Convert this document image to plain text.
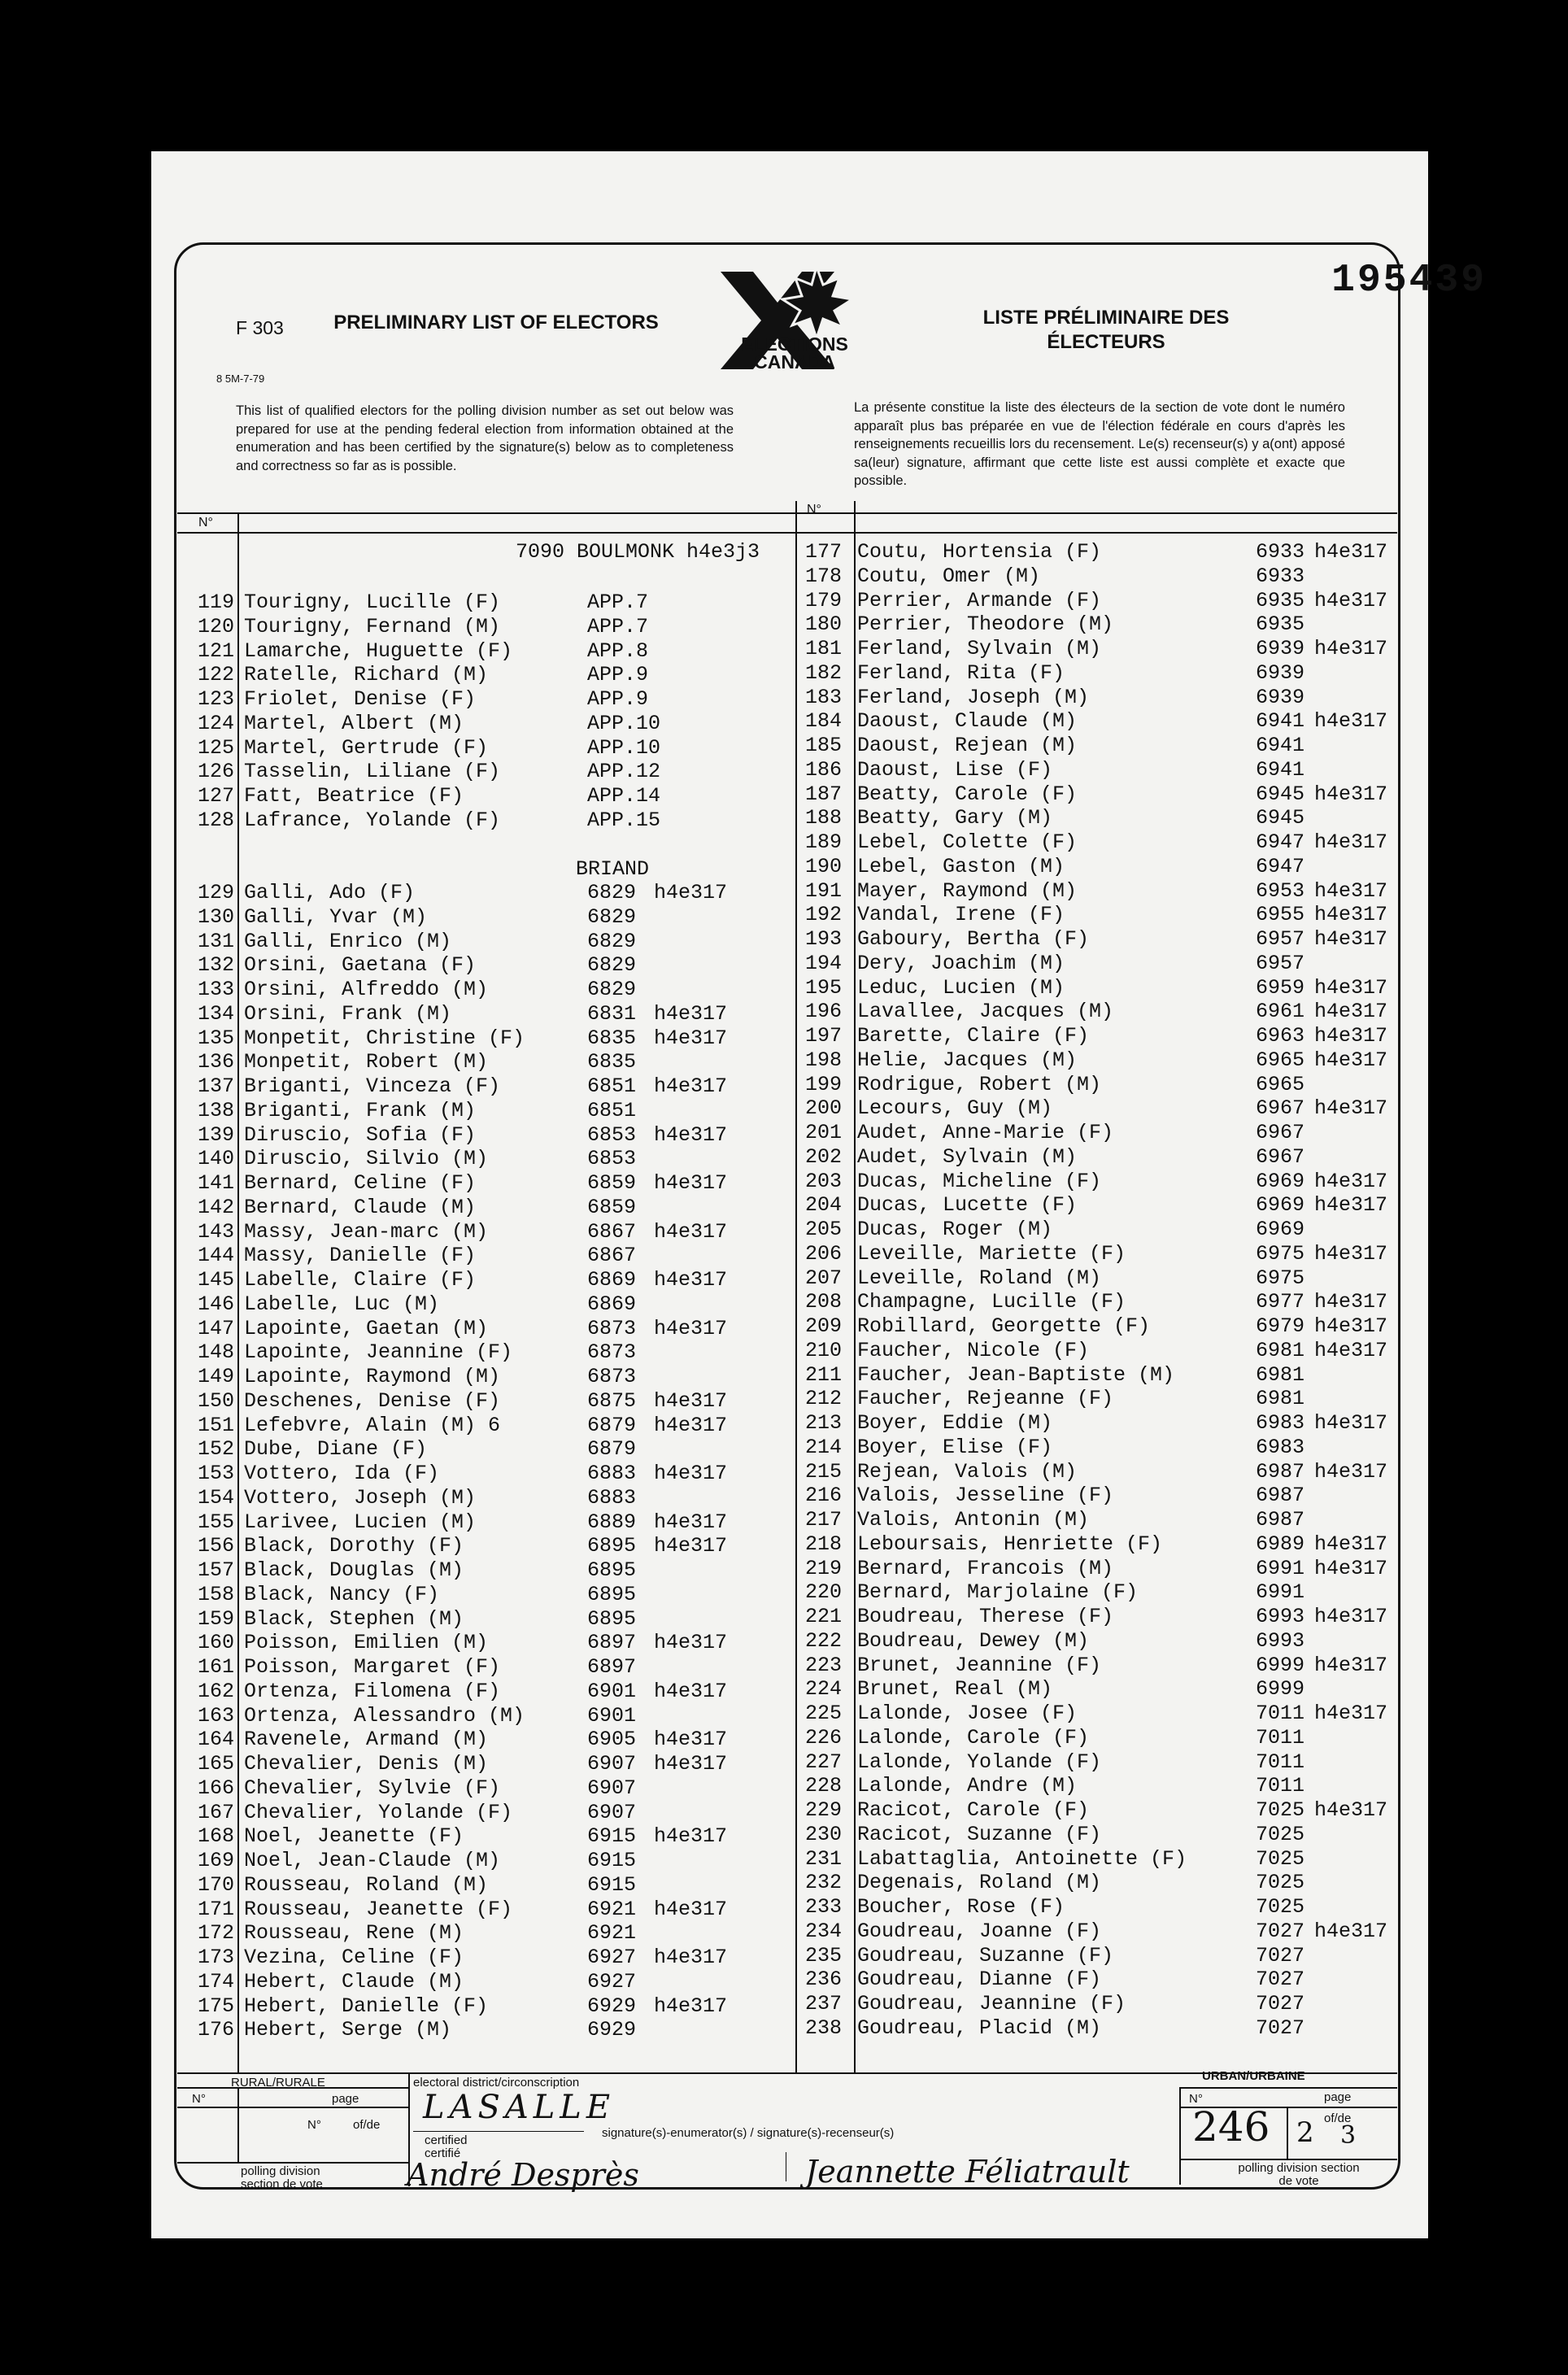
195439
F 303
8 5M-7-79
PRELIMINARY LIST OF ELECTORS	LISTE PRÉLIMINAIRE DES ÉLECTEURS
ELECTIONS CANADA
This list of qualified electors for the polling division number as set out below was prepared for use at the pending federal election from information obtained at the enumeration and has been certified by the signature(s) below as to completeness and correctness so far as is possible.
La présente constitue la liste des électeurs de la section de vote dont le numéro apparaît plus bas préparée en vue de l'élection fédérale en cours d'après les renseignements recueillis lors du recensement. Le(s) recenseur(s) y a(ont) apposé sa(leur) signature, affirmant que cette liste est aussi complète et exacte que possible.
N°
N°
7090 BOULMONK h4e3j3
BRIAND
119 Tourigny, Lucille (F)	APP.7
120 Tourigny, Fernand (M)	APP.7
121 Lamarche, Huguette (F)	APP.8
122 Ratelle, Richard (M)	APP.9
123 Friolet, Denise (F)	APP.9
124 Martel, Albert (M)	APP.10
125 Martel, Gertrude (F)	APP.10
126 Tasselin, Liliane (F)	APP.12
127 Fatt, Beatrice (F)	APP.14
128 Lafrance, Yolande (F)	APP.15
129 Galli, Ado (F)	6829 h4e317
130 Galli, Yvar (M)	6829
131 Galli, Enrico (M)	6829
132 Orsini, Gaetana (F)	6829
133 Orsini, Alfreddo (M)	6829
134 Orsini, Frank (M)	6831 h4e317
135 Monpetit, Christine (F)	6835 h4e317
136 Monpetit, Robert (M)	6835
137 Briganti, Vinceza (F)	6851 h4e317
138 Briganti, Frank (M)	6851
139 Diruscio, Sofia (F)	6853 h4e317
140 Diruscio, Silvio (M)	6853
141 Bernard, Celine (F)	6859 h4e317
142 Bernard, Claude (M)	6859
143 Massy, Jean-marc (M)	6867 h4e317
144 Massy, Danielle (F)	6867
145 Labelle, Claire (F)	6869 h4e317
146 Labelle, Luc (M)	6869
147 Lapointe, Gaetan (M)	6873 h4e317
148 Lapointe, Jeannine (F)	6873
149 Lapointe, Raymond (M)	6873
150 Deschenes, Denise (F)	6875 h4e317
151 Lefebvre, Alain (M) 6	6879 h4e317
152 Dube, Diane (F)	6879
153 Vottero, Ida (F)	6883 h4e317
154 Vottero, Joseph (M)	6883
155 Larivee, Lucien (M)	6889 h4e317
156 Black, Dorothy (F)	6895 h4e317
157 Black, Douglas (M)	6895
158 Black, Nancy (F)	6895
159 Black, Stephen (M)	6895
160 Poisson, Emilien (M)	6897 h4e317
161 Poisson, Margaret (F)	6897
162 Ortenza, Filomena (F)	6901 h4e317
163 Ortenza, Alessandro (M)	6901
164 Ravenele, Armand (M)	6905 h4e317
165 Chevalier, Denis (M)	6907 h4e317
166 Chevalier, Sylvie (F)	6907
167 Chevalier, Yolande (F)	6907
168 Noel, Jeanette (F)	6915 h4e317
169 Noel, Jean-Claude (M)	6915
170 Rousseau, Roland (M)	6915
171 Rousseau, Jeanette (F)	6921 h4e317
172 Rousseau, Rene (M)	6921
173 Vezina, Celine (F)	6927 h4e317
174 Hebert, Claude (M)	6927
175 Hebert, Danielle (F)	6929 h4e317
176 Hebert, Serge (M)	6929
177 Coutu, Hortensia (F)	6933 h4e317
178 Coutu, Omer (M)	6933
179 Perrier, Armande (F)	6935 h4e317
180 Perrier, Theodore (M)	6935
181 Ferland, Sylvain (M)	6939 h4e317
182 Ferland, Rita (F)	6939
183 Ferland, Joseph (M)	6939
184 Daoust, Claude (M)	6941 h4e317
185 Daoust, Rejean (M)	6941
186 Daoust, Lise (F)	6941
187 Beatty, Carole (F)	6945 h4e317
188 Beatty, Gary (M)	6945
189 Lebel, Colette (F)	6947 h4e317
190 Lebel, Gaston (M)	6947
191 Mayer, Raymond (M)	6953 h4e317
192 Vandal, Irene (F)	6955 h4e317
193 Gaboury, Bertha (F)	6957 h4e317
194 Dery, Joachim (M)	6957
195 Leduc, Lucien (M)	6959 h4e317
196 Lavallee, Jacques (M)	6961 h4e317
197 Barette, Claire (F)	6963 h4e317
198 Helie, Jacques (M)	6965 h4e317
199 Rodrigue, Robert (M)	6965
200 Lecours, Guy (M)	6967 h4e317
201 Audet, Anne-Marie (F)	6967
202 Audet, Sylvain (M)	6967
203 Ducas, Micheline (F)	6969 h4e317
204 Ducas, Lucette (F)	6969 h4e317
205 Ducas, Roger (M)	6969
206 Leveille, Mariette (F)	6975 h4e317
207 Leveille, Roland (M)	6975
208 Champagne, Lucille (F)	6977 h4e317
209 Robillard, Georgette (F)	6979 h4e317
210 Faucher, Nicole (F)	6981 h4e317
211 Faucher, Jean-Baptiste (M)	6981
212 Faucher, Rejeanne (F)	6981
213 Boyer, Eddie (M)	6983 h4e317
214 Boyer, Elise (F)	6983
215 Rejean, Valois (M)	6987 h4e317
216 Valois, Jesseline (F)	6987
217 Valois, Antonin (M)	6987
218 Leboursais, Henriette (F)	6989 h4e317
219 Bernard, Francois (M)	6991 h4e317
220 Bernard, Marjolaine (F)	6991
221 Boudreau, Therese (F)	6993 h4e317
222 Boudreau, Dewey (M)	6993
223 Brunet, Jeannine (F)	6999 h4e317
224 Brunet, Real (M)	6999
225 Lalonde, Josee (F)	7011 h4e317
226 Lalonde, Carole (F)	7011
227 Lalonde, Yolande (F)	7011
228 Lalonde, Andre (M)	7011
229 Racicot, Carole (F)	7025 h4e317
230 Racicot, Suzanne (F)	7025
231 Labattaglia, Antoinette (F)	7025
232 Degenais, Roland (M)	7025
233 Boucher, Rose (F)	7025
234 Goudreau, Joanne (F)	7027 h4e317
235 Goudreau, Suzanne (F)	7027
236 Goudreau, Dianne (F)	7027
237 Goudreau, Jeannine (F)	7027
238 Goudreau, Placid (M)	7027
RURAL/RURALE
N°	page
N°	of/de
polling division section de vote
electoral district/circonscription
LASALLE
certified certifié
signature(s)-enumerator(s) / signature(s)-recenseur(s)
André Desprès	Jeannette Féliatrault
URBAN/URBAINE
N°	page
246 2 of/de
3
polling division section de vote
